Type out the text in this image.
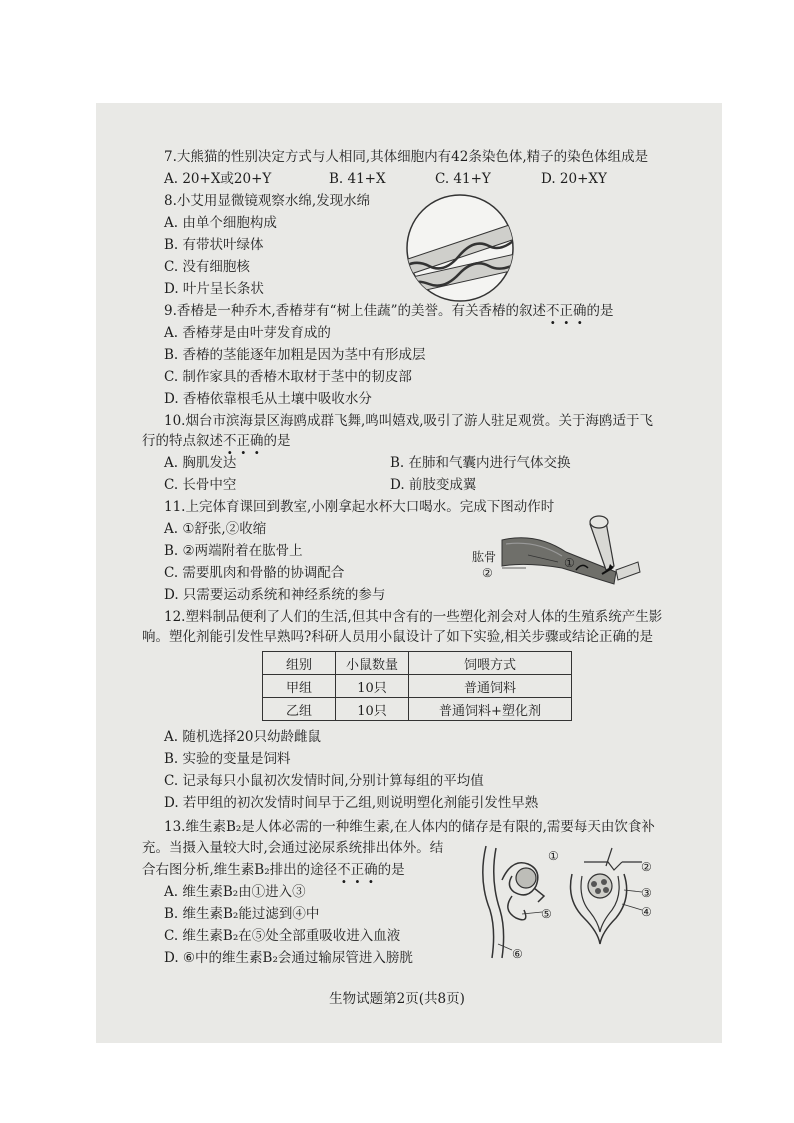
7.大熊猫的性别决定方式与人相同,其体细胞内有42条染色体,精子的染色体组成是
A. 20+X或20+Y	B. 41+X	C. 41+Y	D. 20+XY
8.小艾用显微镜观察水绵,发现水绵
A. 由单个细胞构成
B. 有带状叶绿体
C. 没有细胞核
D. 叶片呈长条状
9.香椿是一种乔木,香椿芽有“树上佳蔬”的美誉。有关香椿的叙述不正确的是
A. 香椿芽是由叶芽发育成的
B. 香椿的茎能逐年加粗是因为茎中有形成层
C. 制作家具的香椿木取材于茎中的韧皮部
D. 香椿依靠根毛从土壤中吸收水分
10.烟台市滨海景区海鸥成群飞舞,鸣叫嬉戏,吸引了游人驻足观赏。关于海鸥适于飞
行的特点叙述不正确的是
A. 胸肌发达	B. 在肺和气囊内进行气体交换
C. 长骨中空	D. 前肢变成翼
11.上完体育课回到教室,小刚拿起水杯大口喝水。完成下图动作时
A. ①舒张,②收缩
B. ②两端附着在肱骨上
C. 需要肌肉和骨骼的协调配合
D. 只需要运动系统和神经系统的参与
肱骨	①
②
12.塑料制品便利了人们的生活,但其中含有的一些塑化剂会对人体的生殖系统产生影
响。塑化剂能引发性早熟吗?科研人员用小鼠设计了如下实验,相关步骤或结论正确的是
组别	小鼠数量	饲喂方式
甲组	10只	普通饲料
乙组	10只	普通饲料+塑化剂
A. 随机选择20只幼龄雌鼠
B. 实验的变量是饲料
C. 记录每只小鼠初次发情时间,分别计算每组的平均值
D. 若甲组的初次发情时间早于乙组,则说明塑化剂能引发性早熟
13.维生素B₂是人体必需的一种维生素,在人体内的储存是有限的,需要每天由饮食补
充。当摄入量较大时,会通过泌尿系统排出体外。结
合右图分析,维生素B₂排出的途径不正确的是
A. 维生素B₂由①进入③
B. 维生素B₂能过滤到④中
C. 维生素B₂在⑤处全部重吸收进入血液
D. ⑥中的维生素B₂会通过输尿管进入膀胱
①
②
③
④
⑤
⑥
生物试题第2页(共8页)
